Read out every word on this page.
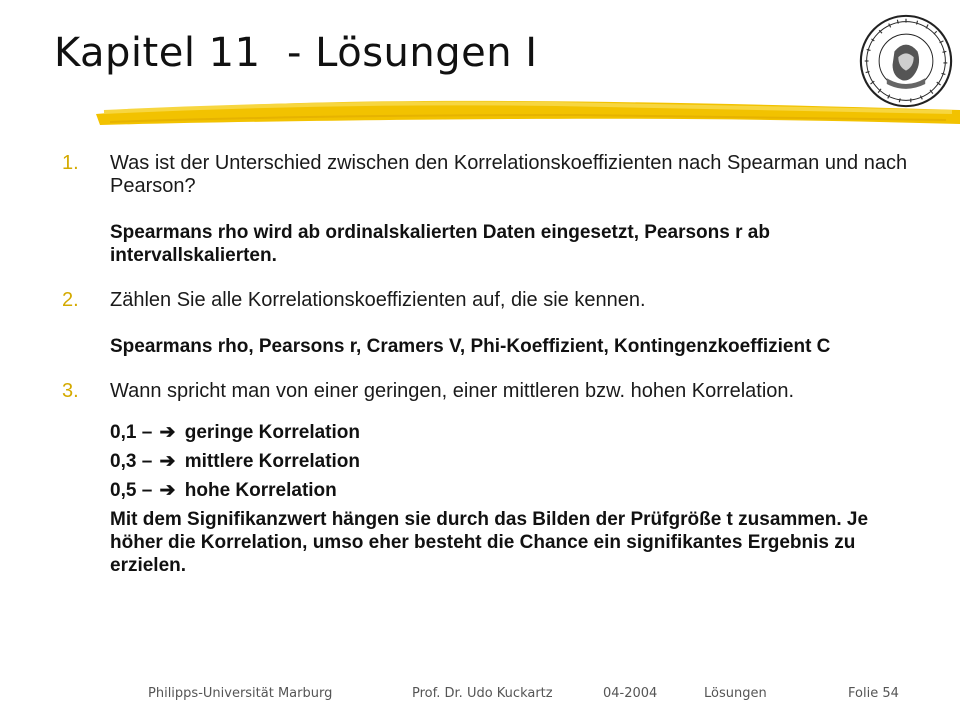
Kapitel 11  - Lösungen I
1. Was ist der Unterschied zwischen den Korrelationskoeffizienten nach Spearman und nach Pearson?
Spearmans rho wird ab ordinalskalierten Daten eingesetzt, Pearsons r ab intervallskalierten.
2. Zählen Sie alle Korrelationskoeffizienten auf, die sie kennen.
Spearmans rho, Pearsons r, Cramers V, Phi-Koeffizient, Kontingenzkoeffizient C
3. Wann spricht man von einer geringen, einer mittleren bzw. hohen Korrelation.
0,1 – ➔ geringe Korrelation
0,3 – ➔ mittlere Korrelation
0,5 – ➔ hohe Korrelation
Mit dem Signifikanzwert hängen sie durch das Bilden der Prüfgröße t zusammen. Je höher die Korrelation, umso eher besteht die Chance ein signifikantes Ergebnis zu erzielen.
Philipps-Universität Marburg	Prof. Dr. Udo Kuckartz	04-2004	Lösungen	Folie 54
